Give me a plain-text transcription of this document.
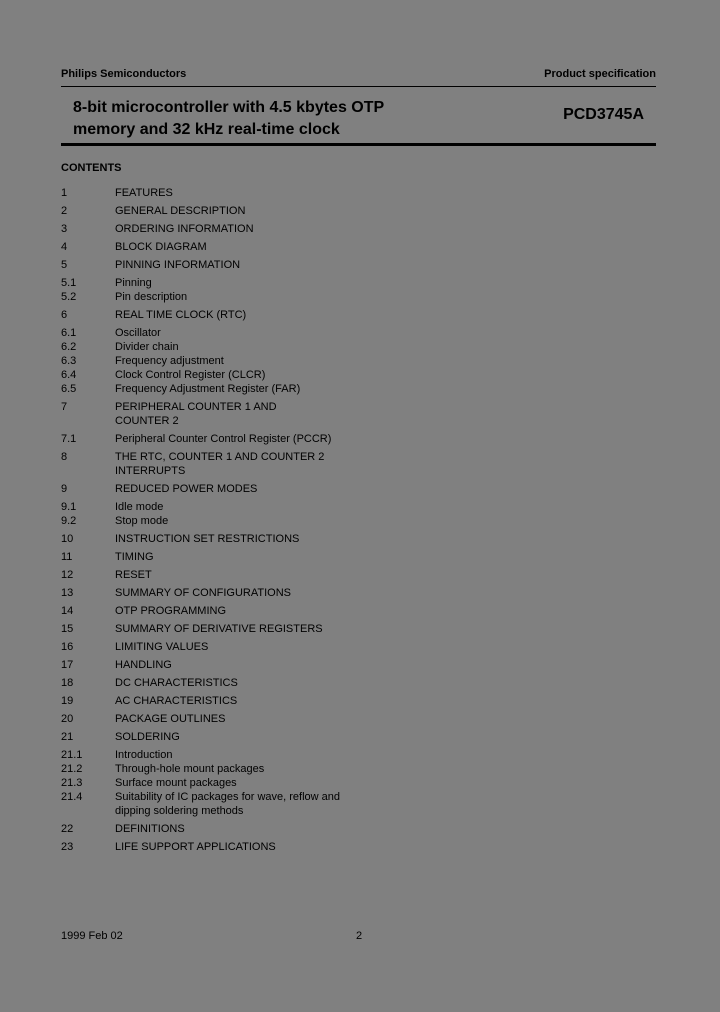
Philips Semiconductors	Product specification
8-bit microcontroller with 4.5 kbytes OTP
memory and 32 kHz real-time clock
PCD3745A
CONTENTS
1	FEATURES
2	GENERAL DESCRIPTION
3	ORDERING INFORMATION
4	BLOCK DIAGRAM
5	PINNING INFORMATION
5.1	Pinning
5.2	Pin description
6	REAL TIME CLOCK (RTC)
6.1	Oscillator
6.2	Divider chain
6.3	Frequency adjustment
6.4	Clock Control Register (CLCR)
6.5	Frequency Adjustment Register (FAR)
7	PERIPHERAL COUNTER 1 AND
COUNTER 2
7.1	Peripheral Counter Control Register (PCCR)
8	THE RTC, COUNTER 1 AND COUNTER 2
INTERRUPTS
9	REDUCED POWER MODES
9.1	Idle mode
9.2	Stop mode
10	INSTRUCTION SET RESTRICTIONS
11	TIMING
12	RESET
13	SUMMARY OF CONFIGURATIONS
14	OTP PROGRAMMING
15	SUMMARY OF DERIVATIVE REGISTERS
16	LIMITING VALUES
17	HANDLING
18	DC CHARACTERISTICS
19	AC CHARACTERISTICS
20	PACKAGE OUTLINES
21	SOLDERING
21.1	Introduction
21.2	Through-hole mount packages
21.3	Surface mount packages
21.4	Suitability of IC packages for wave, reflow and
dipping soldering methods
22	DEFINITIONS
23	LIFE SUPPORT APPLICATIONS
1999 Feb 02	2
